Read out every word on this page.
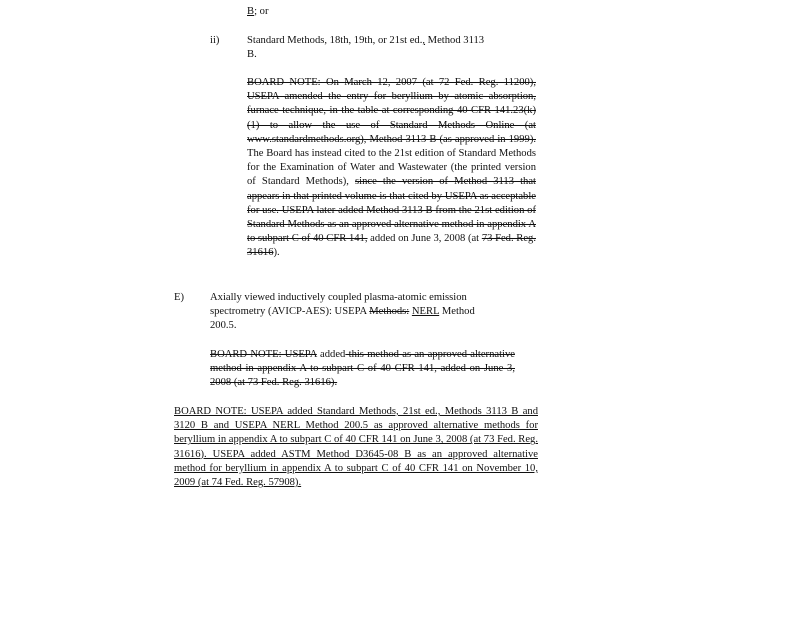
B; or
ii)	Standard Methods, 18th, 19th, or 21st ed., Method 3113
B.
BOARD NOTE: On March 12, 2007 (at 72 Fed. Reg. 11200), USEPA amended the entry for beryllium by atomic absorption, furnace technique, in the table at corresponding 40 CFR 141.23(k)(1) to allow the use of Standard Methods Online (at www.standardmethods.org), Method 3113 B (as approved in 1999). The Board has instead cited to the 21st edition of Standard Methods for the Examination of Water and Wastewater (the printed version of Standard Methods), since the version of Method 3113 that appears in that printed volume is that cited by USEPA as acceptable for use. USEPA later added Method 3113 B from the 21st edition of Standard Methods as an approved alternative method in appendix A to subpart C of 40 CFR 141, added on June 3, 2008 (at 73 Fed. Reg. 31616).
E) Axially viewed inductively coupled plasma-atomic emission
spectrometry (AVICP-AES): USEPA Methods: NERL Method
200.5.
BOARD NOTE: USEPA added this method as an approved alternative method in appendix A to subpart C of 40 CFR 141, added on June 3, 2008 (at 73 Fed. Reg. 31616).
BOARD NOTE: USEPA added Standard Methods, 21st ed., Methods 3113 B and 3120 B and USEPA NERL Method 200.5 as approved alternative methods for beryllium in appendix A to subpart C of 40 CFR 141 on June 3, 2008 (at 73 Fed. Reg. 31616). USEPA added ASTM Method D3645-08 B as an approved alternative method for beryllium in appendix A to subpart C of 40 CFR 141 on November 10, 2009 (at 74 Fed. Reg. 57908).
